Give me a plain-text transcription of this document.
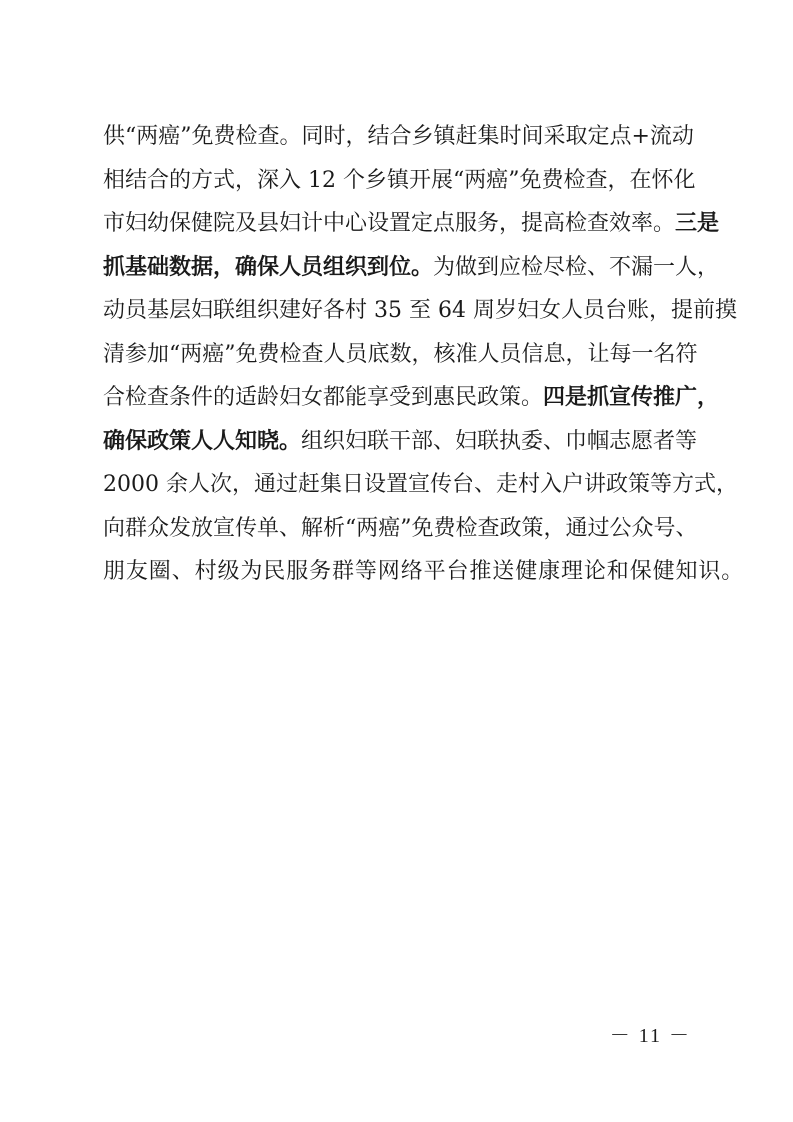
供“两癌”免费检查。同时，结合乡镇赶集时间采取定点+流动
相结合的方式，深入 12 个乡镇开展“两癌”免费检查，在怀化
市妇幼保健院及县妇计中心设置定点服务，提高检查效率。三是
抓基础数据，确保人员组织到位。为做到应检尽检、不漏一人，
动员基层妇联组织建好各村 35 至 64 周岁妇女人员台账，提前摸
清参加“两癌”免费检查人员底数，核准人员信息，让每一名符
合检查条件的适龄妇女都能享受到惠民政策。四是抓宣传推广，
确保政策人人知晓。组织妇联干部、妇联执委、巾帼志愿者等
2000 余人次，通过赶集日设置宣传台、走村入户讲政策等方式，
向群众发放宣传单、解析“两癌”免费检查政策，通过公众号、
朋友圈、村级为民服务群等网络平台推送健康理论和保健知识。
－ 11 －
